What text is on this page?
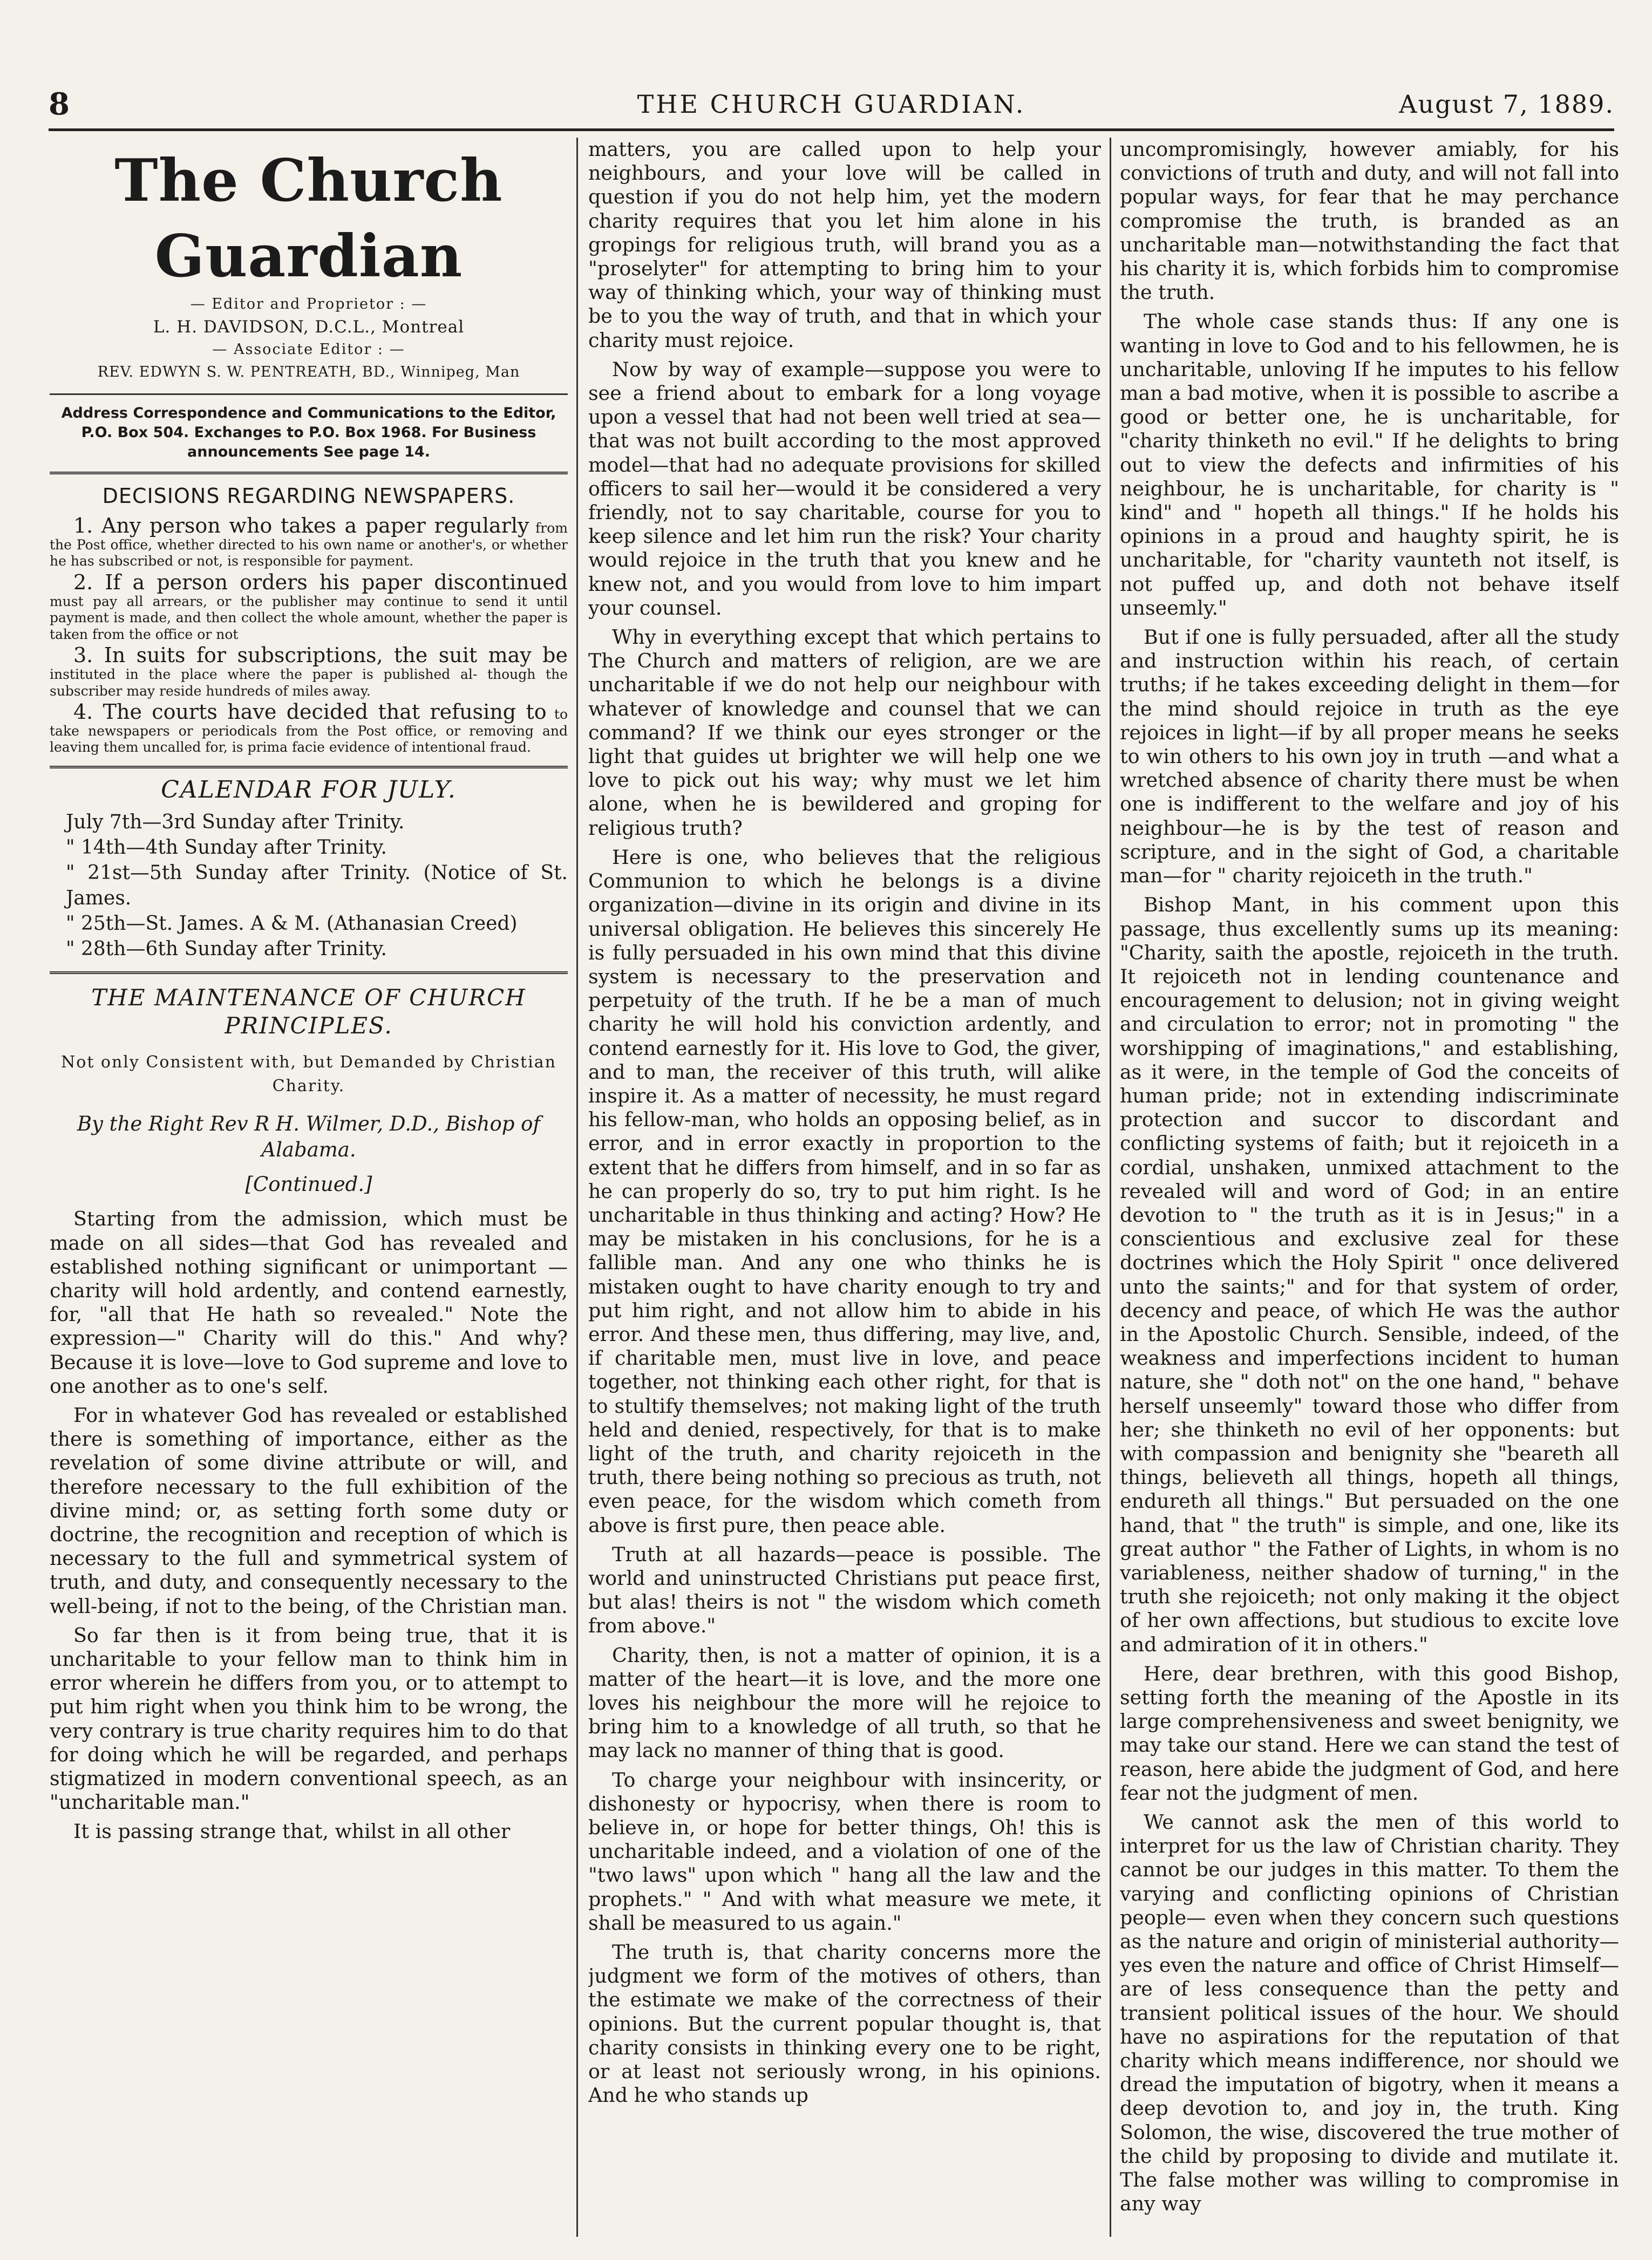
8	THE CHURCH GUARDIAN.	August 7, 1889.
The Church Guardian
— Editor and Proprietor : —
L. H. DAVIDSON, D.C.L., Montreal
— Associate Editor : —
REV. EDWYN S. W. PENTREATH, BD., Winnipeg, Man
Address Correspondence and Communications to the Editor, P.O. Box 504. Exchanges to P.O. Box 1968. For Business announcements See page 14.
DECISIONS REGARDING NEWSPAPERS.

1. Any person who takes a paper regularly from the Post office, whether directed to his own name or another's, or whether he has subscribed or not, is responsible for payment.

2. If a person orders his paper discontinued must pay all arrears, or the publisher may continue to send it until payment is made, and then collect the whole amount, whether the paper is taken from the office or not

3. In suits for subscriptions, the suit may be instituted in the place where the paper is published al- though the subscriber may reside hundreds of miles away.

4. The courts have decided that refusing to to take newspapers or periodicals from the Post office, or removing and leaving them uncalled for, is prima facie evidence of intentional fraud.

CALENDAR FOR JULY.
July 7th—3rd Sunday after Trinity.
" 14th—4th Sunday after Trinity.
" 21st—5th Sunday after Trinity. (Notice of St. James.
" 25th—St. James. A & M. (Athanasian Creed)
" 28th—6th Sunday after Trinity.
THE MAINTENANCE OF CHURCH PRINCIPLES.
Not only Consistent with, but Demanded by Christian Charity.
By the Right Rev R H. Wilmer, D.D., Bishop of Alabama.
[Continued.]

Starting from the admission, which must be made on all sides—that God has revealed and established nothing significant or unimportant —charity will hold ardently, and contend earnestly, for, "all that He hath so revealed." Note the expression—" Charity will do this." And why? Because it is love—love to God supreme and love to one another as to one's self.

For in whatever God has revealed or established there is something of importance, either as the revelation of some divine attribute or will, and therefore necessary to the full exhibition of the divine mind; or, as setting forth some duty or doctrine, the recognition and reception of which is necessary to the full and symmetrical system of truth, and duty, and consequently necessary to the well-being, if not to the being, of the Christian man.

So far then is it from being true, that it is uncharitable to your fellow man to think him in error wherein he differs from you, or to attempt to put him right when you think him to be wrong, the very contrary is true charity requires him to do that for doing which he will be regarded, and perhaps stigmatized in modern conventional speech, as an "uncharitable man."

It is passing strange that, whilst in all other

matters, you are called upon to help your neighbours, and your love will be called in question if you do not help him, yet the modern charity requires that you let him alone in his gropings for religious truth, will brand you as a "proselyter" for attempting to bring him to your way of thinking which, your way of thinking must be to you the way of truth, and that in which your charity must rejoice.

Now by way of example—suppose you were to see a friend about to embark for a long voyage upon a vessel that had not been well tried at sea—that was not built according to the most approved model—that had no adequate provisions for skilled officers to sail her—would it be considered a very friendly, not to say charitable, course for you to keep silence and let him run the risk? Your charity would rejoice in the truth that you knew and he knew not, and you would from love to him impart your counsel.

Why in everything except that which pertains to The Church and matters of religion, are we are uncharitable if we do not help our neighbour with whatever of knowledge and counsel that we can command? If we think our eyes stronger or the light that guides ut brighter we will help one we love to pick out his way; why must we let him alone, when he is bewildered and groping for religious truth?

Here is one, who believes that the religious Communion to which he belongs is a divine organization—divine in its origin and divine in its universal obligation. He believes this sincerely He is fully persuaded in his own mind that this divine system is necessary to the preservation and perpetuity of the truth. If he be a man of much charity he will hold his conviction ardently, and contend earnestly for it. His love to God, the giver, and to man, the receiver of this truth, will alike inspire it. As a matter of necessity, he must regard his fellow-man, who holds an opposing belief, as in error, and in error exactly in proportion to the extent that he differs from himself, and in so far as he can properly do so, try to put him right. Is he uncharitable in thus thinking and acting? How? He may be mistaken in his conclusions, for he is a fallible man. And any one who thinks he is mistaken ought to have charity enough to try and put him right, and not allow him to abide in his error. And these men, thus differing, may live, and, if charitable men, must live in love, and peace together, not thinking each other right, for that is to stultify themselves; not making light of the truth held and denied, respectively, for that is to make light of the truth, and charity rejoiceth in the truth, there being nothing so precious as truth, not even peace, for the wisdom which cometh from above is first pure, then peace able.

Truth at all hazards—peace is possible. The world and uninstructed Christians put peace first, but alas! theirs is not " the wisdom which cometh from above."

Charity, then, is not a matter of opinion, it is a matter of the heart—it is love, and the more one loves his neighbour the more will he rejoice to bring him to a knowledge of all truth, so that he may lack no manner of thing that is good.

To charge your neighbour with insincerity, or dishonesty or hypocrisy, when there is room to believe in, or hope for better things, Oh! this is uncharitable indeed, and a violation of one of the "two laws" upon which " hang all the law and the prophets." " And with what measure we mete, it shall be measured to us again."

The truth is, that charity concerns more the judgment we form of the motives of others, than the estimate we make of the correctness of their opinions. But the current popular thought is, that charity consists in thinking every one to be right, or at least not seriously wrong, in his opinions. And he who stands up

uncompromisingly, however amiably, for his convictions of truth and duty, and will not fall into popular ways, for fear that he may perchance compromise the truth, is branded as an uncharitable man—notwithstanding the fact that his charity it is, which forbids him to compromise the truth.

The whole case stands thus: If any one is wanting in love to God and to his fellowmen, he is uncharitable, unloving If he imputes to his fellow man a bad motive, when it is possible to ascribe a good or better one, he is uncharitable, for "charity thinketh no evil." If he delights to bring out to view the defects and infirmities of his neighbour, he is uncharitable, for charity is " kind" and " hopeth all things." If he holds his opinions in a proud and haughty spirit, he is uncharitable, for "charity vaunteth not itself, is not puffed up, and doth not behave itself unseemly."

But if one is fully persuaded, after all the study and instruction within his reach, of certain truths; if he takes exceeding delight in them—for the mind should rejoice in truth as the eye rejoices in light—if by all proper means he seeks to win others to his own joy in truth —and what a wretched absence of charity there must be when one is indifferent to the welfare and joy of his neighbour—he is by the test of reason and scripture, and in the sight of God, a charitable man—for " charity rejoiceth in the truth."

Bishop Mant, in his comment upon this passage, thus excellently sums up its meaning: "Charity, saith the apostle, rejoiceth in the truth. It rejoiceth not in lending countenance and encouragement to delusion; not in giving weight and circulation to error; not in promoting " the worshipping of imaginations," and establishing, as it were, in the temple of God the conceits of human pride; not in extending indiscriminate protection and succor to discordant and conflicting systems of faith; but it rejoiceth in a cordial, unshaken, unmixed attachment to the revealed will and word of God; in an entire devotion to " the truth as it is in Jesus;" in a conscientious and exclusive zeal for these doctrines which the Holy Spirit " once delivered unto the saints;" and for that system of order, decency and peace, of which He was the author in the Apostolic Church. Sensible, indeed, of the weakness and imperfections incident to human nature, she " doth not" on the one hand, " behave herself unseemly" toward those who differ from her; she thinketh no evil of her opponents: but with compassion and benignity she "beareth all things, believeth all things, hopeth all things, endureth all things." But persuaded on the one hand, that " the truth" is simple, and one, like its great author " the Father of Lights, in whom is no variableness, neither shadow of turning," in the truth she rejoiceth; not only making it the object of her own affections, but studious to excite love and admiration of it in others."

Here, dear brethren, with this good Bishop, setting forth the meaning of the Apostle in its large comprehensiveness and sweet benignity, we may take our stand. Here we can stand the test of reason, here abide the judgment of God, and here fear not the judgment of men.

We cannot ask the men of this world to interpret for us the law of Christian charity. They cannot be our judges in this matter. To them the varying and conflicting opinions of Christian people— even when they concern such questions as the nature and origin of ministerial authority—yes even the nature and office of Christ Himself—are of less consequence than the petty and transient political issues of the hour. We should have no aspirations for the reputation of that charity which means indifference, nor should we dread the imputation of bigotry, when it means a deep devotion to, and joy in, the truth. King Solomon, the wise, discovered the true mother of the child by proposing to divide and mutilate it. The false mother was willing to compromise in any way
